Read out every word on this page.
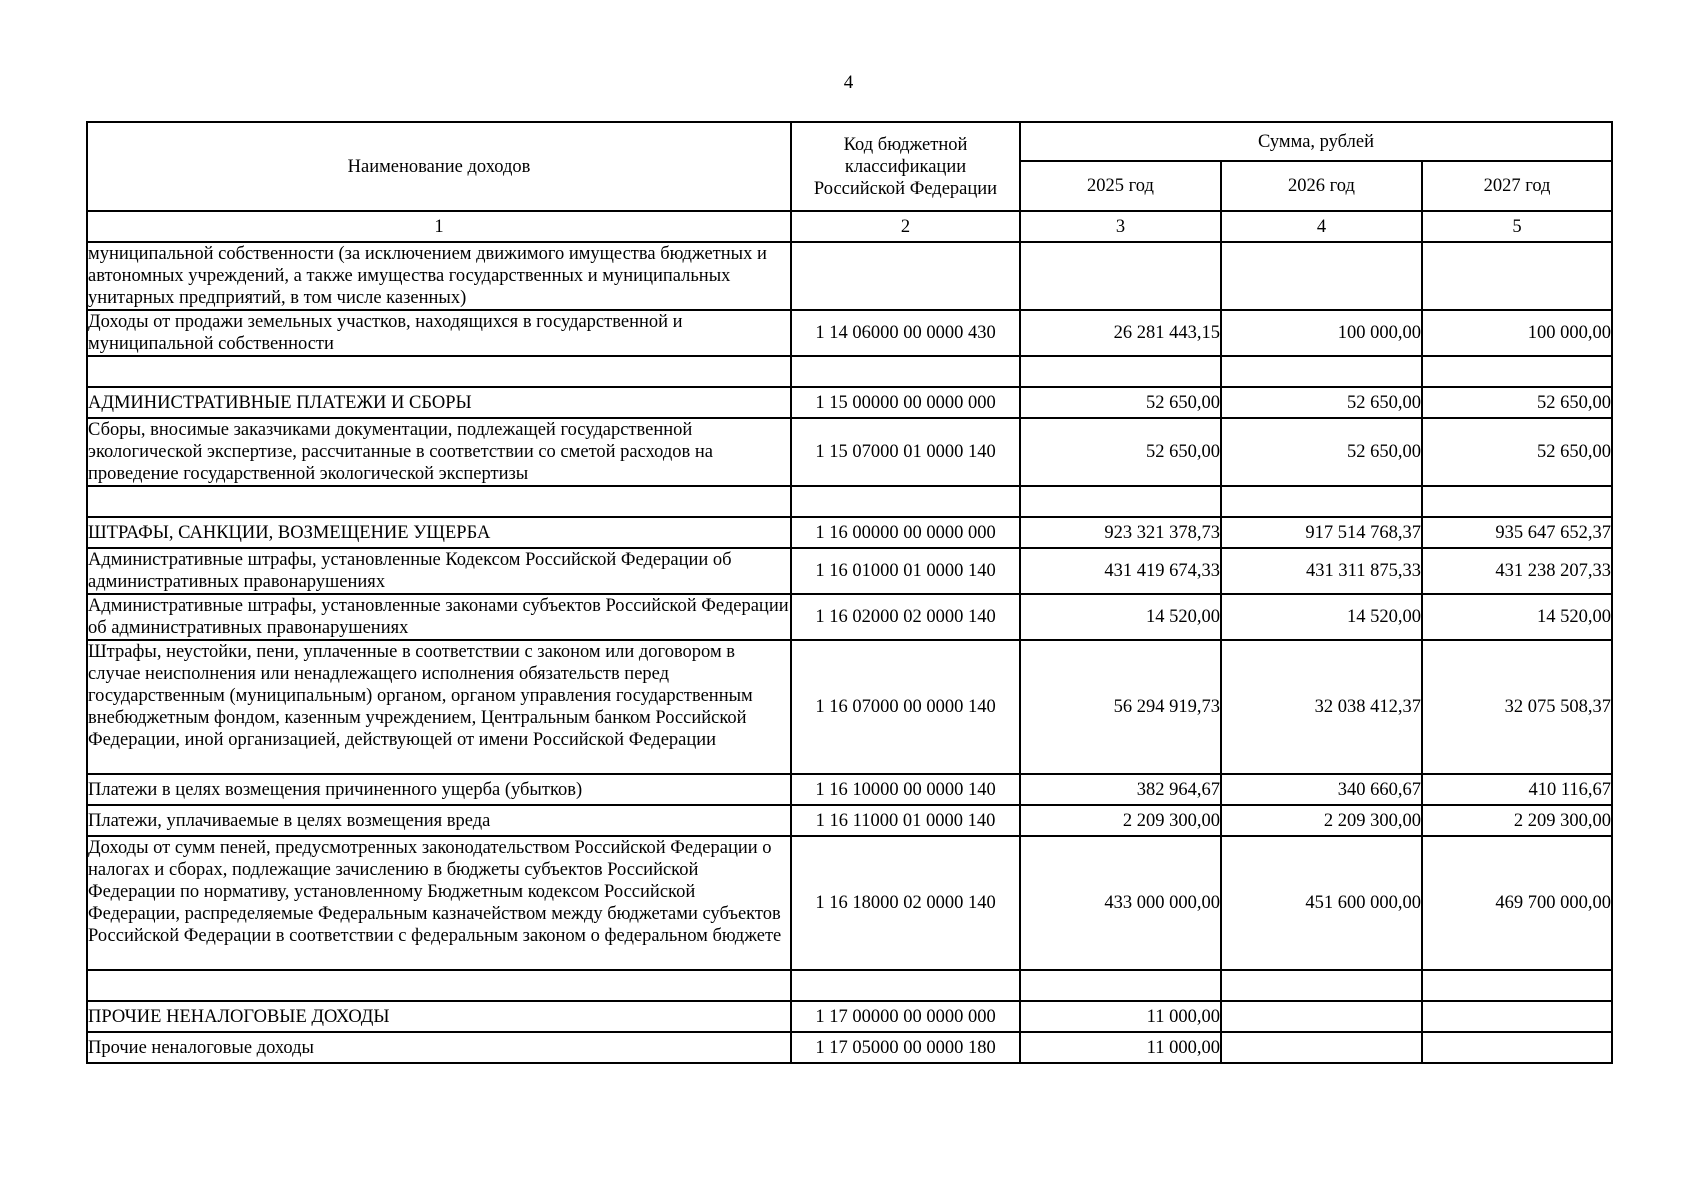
4
Наименование доходов	Код бюджетной классификации Российской Федерации	Сумма, рублей		
		2025 год	2026 год	2027 год
1	2	3	4	5
муниципальной собственности (за исключением движимого имущества бюджетных и автономных учреждений, а также имущества государственных и муниципальных унитарных предприятий, в том числе казенных)				
Доходы от продажи земельных участков, находящихся в государственной и муниципальной собственности	1 14 06000 00 0000 430	26 281 443,15	100 000,00	100 000,00

АДМИНИСТРАТИВНЫЕ ПЛАТЕЖИ И СБОРЫ	1 15 00000 00 0000 000	52 650,00	52 650,00	52 650,00
Сборы, вносимые заказчиками документации, подлежащей государственной экологической экспертизе, рассчитанные в соответствии со сметой расходов на проведение государственной экологической экспертизы	1 15 07000 01 0000 140	52 650,00	52 650,00	52 650,00

ШТРАФЫ, САНКЦИИ, ВОЗМЕЩЕНИЕ УЩЕРБА	1 16 00000 00 0000 000	923 321 378,73	917 514 768,37	935 647 652,37
Административные штрафы, установленные Кодексом Российской Федерации об административных правонарушениях	1 16 01000 01 0000 140	431 419 674,33	431 311 875,33	431 238 207,33
Административные штрафы, установленные законами субъектов Российской Федерации об административных правонарушениях	1 16 02000 02 0000 140	14 520,00	14 520,00	14 520,00
Штрафы, неустойки, пени, уплаченные в соответствии с законом или договором в случае неисполнения или ненадлежащего исполнения обязательств перед государственным (муниципальным) органом, органом управления государственным внебюджетным фондом, казенным учреждением, Центральным банком Российской Федерации, иной организацией, действующей от имени Российской Федерации	1 16 07000 00 0000 140	56 294 919,73	32 038 412,37	32 075 508,37
Платежи в целях возмещения причиненного ущерба (убытков)	1 16 10000 00 0000 140	382 964,67	340 660,67	410 116,67
Платежи, уплачиваемые в целях возмещения вреда	1 16 11000 01 0000 140	2 209 300,00	2 209 300,00	2 209 300,00
Доходы от сумм пеней, предусмотренных законодательством Российской Федерации о налогах и сборах, подлежащие зачислению в бюджеты субъектов Российской Федерации по нормативу, установленному Бюджетным кодексом Российской Федерации, распределяемые Федеральным казначейством между бюджетами субъектов Российской Федерации в соответствии с федеральным законом о федеральном бюджете	1 16 18000 02 0000 140	433 000 000,00	451 600 000,00	469 700 000,00

ПРОЧИЕ НЕНАЛОГОВЫЕ ДОХОДЫ	1 17 00000 00 0000 000	11 000,00		
Прочие неналоговые доходы	1 17 05000 00 0000 180	11 000,00		
